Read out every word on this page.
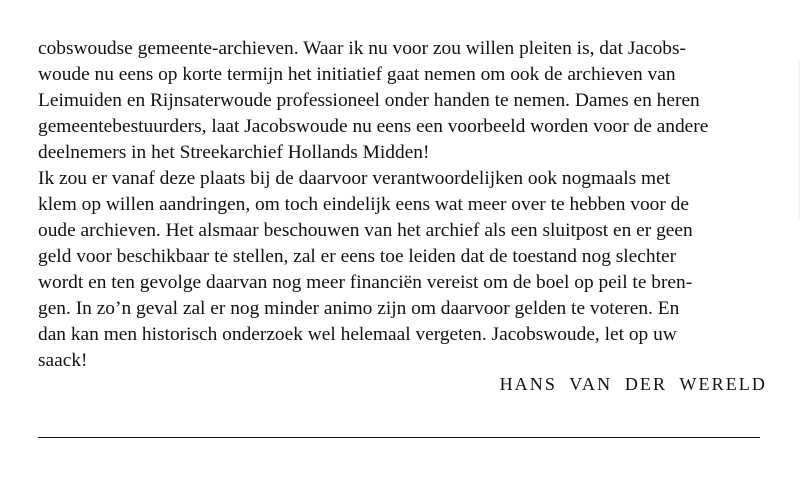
cobswoudse gemeente-archieven. Waar ik nu voor zou willen pleiten is, dat Jacobs-
woude nu eens op korte termijn het initiatief gaat nemen om ook de archieven van
Leimuiden en Rijnsaterwoude professioneel onder handen te nemen. Dames en heren
gemeentebestuurders, laat Jacobswoude nu eens een voorbeeld worden voor de andere
deelnemers in het Streekarchief Hollands Midden!
Ik zou er vanaf deze plaats bij de daarvoor verantwoordelijken ook nogmaals met
klem op willen aandringen, om toch eindelijk eens wat meer over te hebben voor de
oude archieven. Het alsmaar beschouwen van het archief als een sluitpost en er geen
geld voor beschikbaar te stellen, zal er eens toe leiden dat de toestand nog slechter
wordt en ten gevolge daarvan nog meer financiën vereist om de boel op peil te bren-
gen. In zo’n geval zal er nog minder animo zijn om daarvoor gelden te voteren. En
dan kan men historisch onderzoek wel helemaal vergeten. Jacobswoude, let op uw
saack!
HANS VAN DER WERELD
